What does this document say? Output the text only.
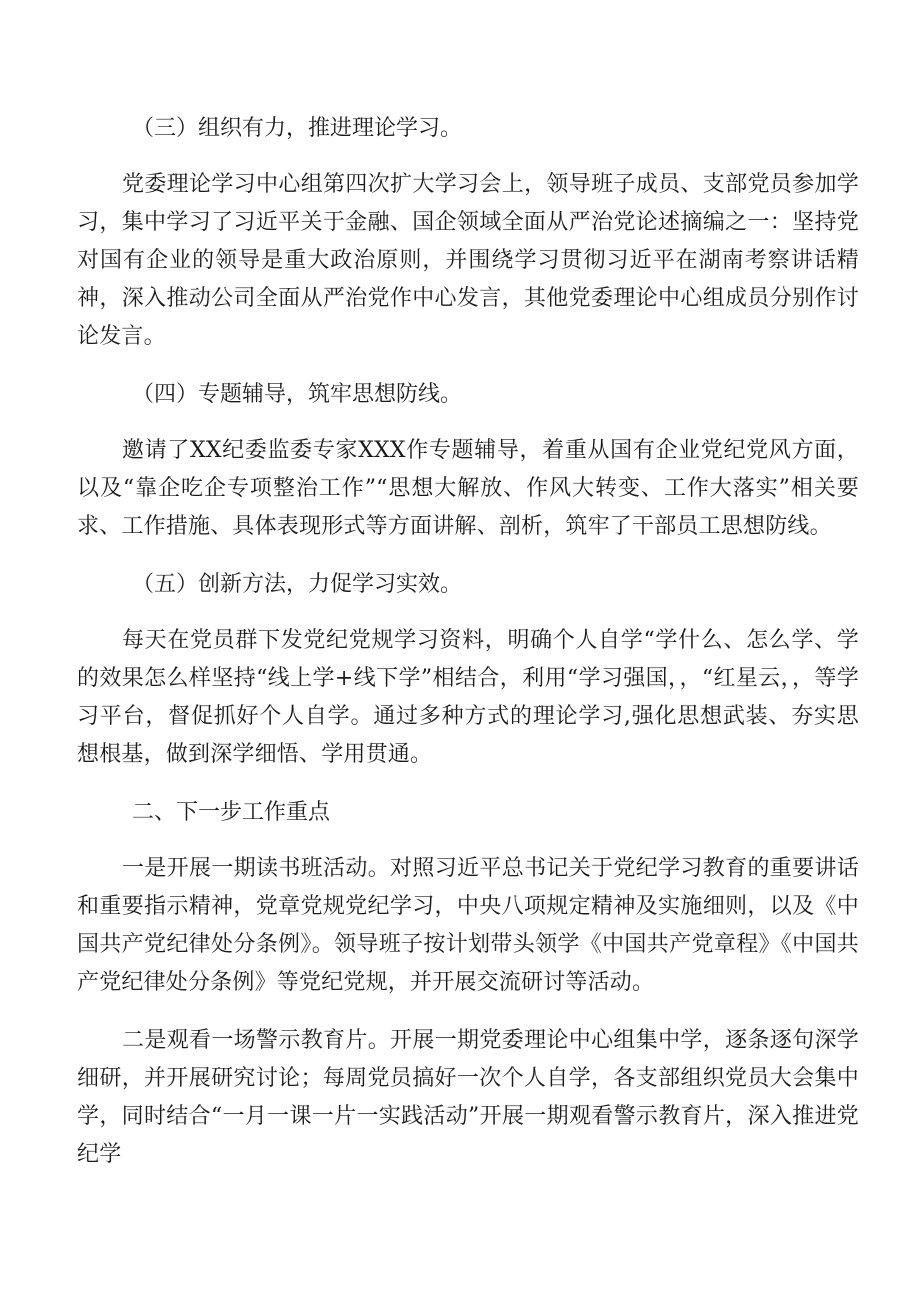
（三）组织有力，推进理论学习。

党委理论学习中心组第四次扩大学习会上，领导班子成员、支部党员参加学习，集中学习了习近平关于金融、国企领域全面从严治党论述摘编之一：坚持党对国有企业的领导是重大政治原则，并围绕学习贯彻习近平在湖南考察讲话精神，深入推动公司全面从严治党作中心发言，其他党委理论中心组成员分别作讨论发言。

（四）专题辅导，筑牢思想防线。

邀请了XX纪委监委专家XXX作专题辅导，着重从国有企业党纪党风方面，以及“靠企吃企专项整治工作”“思想大解放、作风大转变、工作大落实”相关要求、工作措施、具体表现形式等方面讲解、剖析，筑牢了干部员工思想防线。

（五）创新方法，力促学习实效。

每天在党员群下发党纪党规学习资料，明确个人自学“学什么、怎么学、学的效果怎么样坚持“线上学+线下学”相结合，利用“学习强国，，“红星云，，等学习平台，督促抓好个人自学。通过多种方式的理论学习,强化思想武装、夯实思想根基，做到深学细悟、学用贯通。

二、下一步工作重点

一是开展一期读书班活动。对照习近平总书记关于党纪学习教育的重要讲话和重要指示精神，党章党规党纪学习，中央八项规定精神及实施细则，以及《中国共产党纪律处分条例》。领导班子按计划带头领学《中国共产党章程》《中国共产党纪律处分条例》等党纪党规，并开展交流研讨等活动。

二是观看一场警示教育片。开展一期党委理论中心组集中学，逐条逐句深学细研，并开展研究讨论；每周党员搞好一次个人自学，各支部组织党员大会集中学，同时结合“一月一课一片一实践活动”开展一期观看警示教育片，深入推进党纪学
